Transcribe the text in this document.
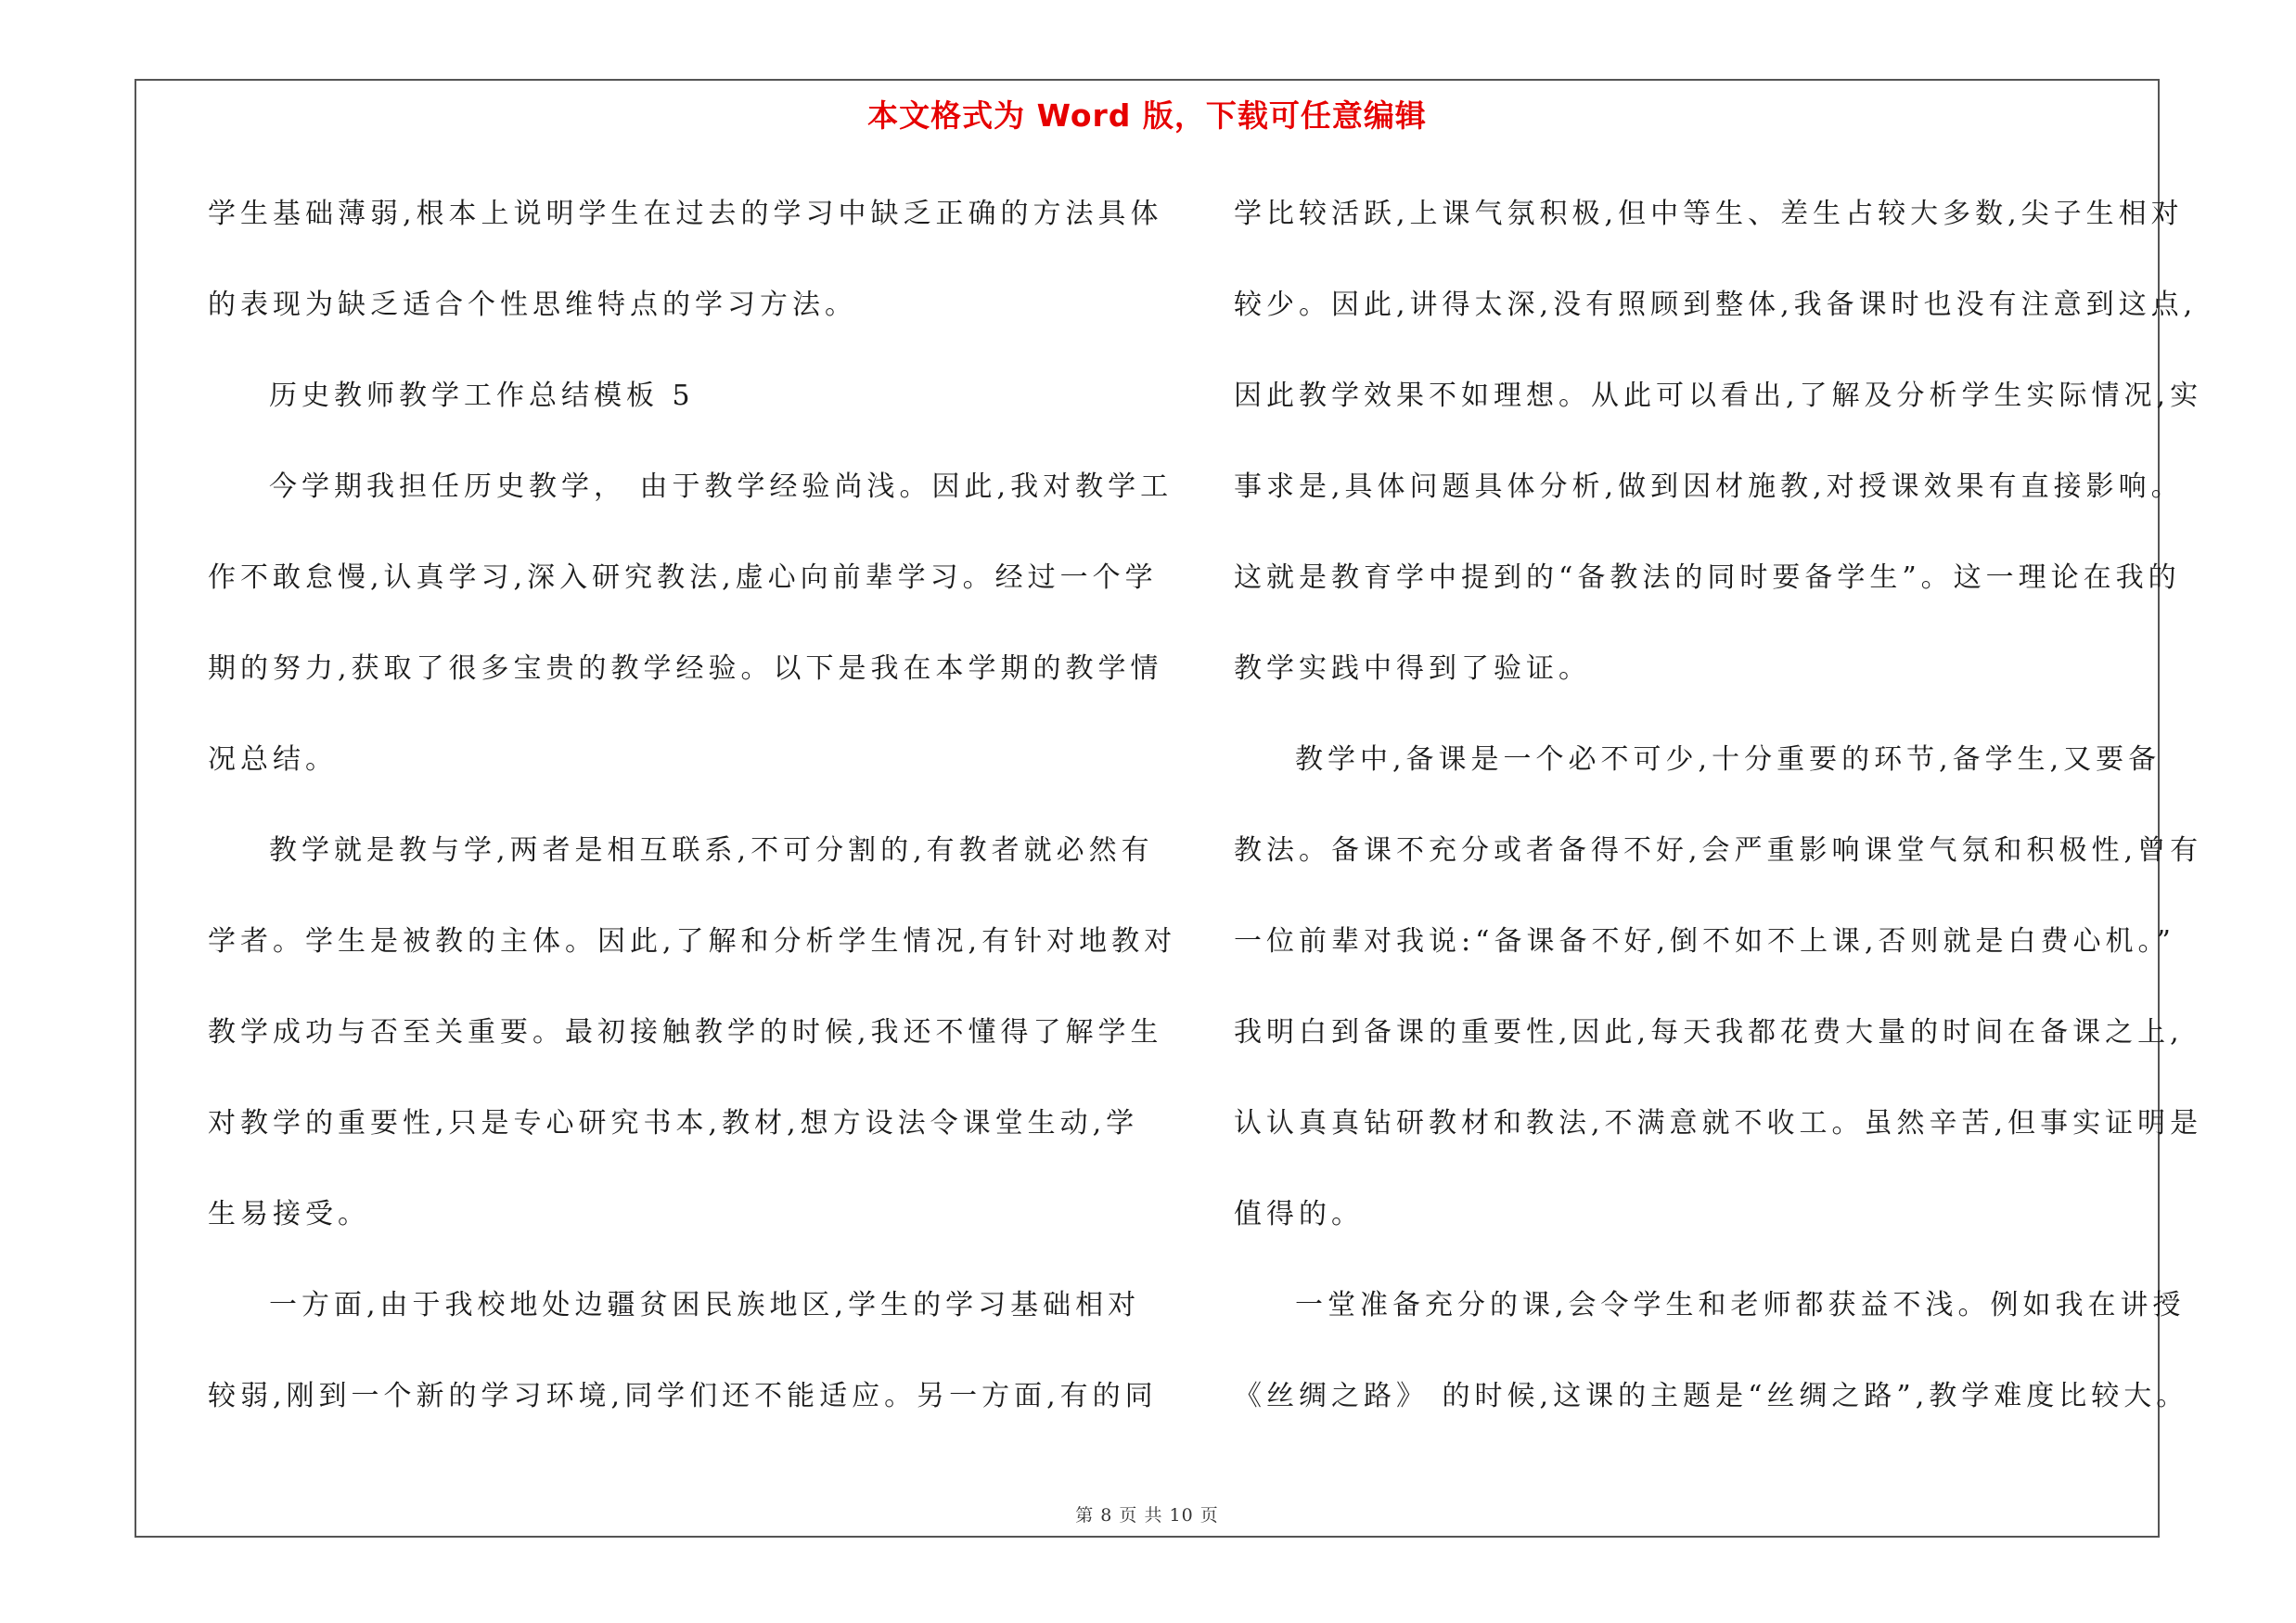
本文格式为 Word 版，下载可任意编辑
学生基础薄弱,根本上说明学生在过去的学习中缺乏正确的方法具体
的表现为缺乏适合个性思维特点的学习方法。
历史教师教学工作总结模板 5
今学期我担任历史教学， 由于教学经验尚浅。因此,我对教学工
作不敢怠慢,认真学习,深入研究教法,虚心向前辈学习。经过一个学
期的努力,获取了很多宝贵的教学经验。以下是我在本学期的教学情
况总结。
教学就是教与学,两者是相互联系,不可分割的,有教者就必然有
学者。学生是被教的主体。因此,了解和分析学生情况,有针对地教对
教学成功与否至关重要。最初接触教学的时候,我还不懂得了解学生
对教学的重要性,只是专心研究书本,教材,想方设法令课堂生动,学
生易接受。
一方面,由于我校地处边疆贫困民族地区,学生的学习基础相对
较弱,刚到一个新的学习环境,同学们还不能适应。另一方面,有的同
学比较活跃,上课气氛积极,但中等生、差生占较大多数,尖子生相对
较少。因此,讲得太深,没有照顾到整体,我备课时也没有注意到这点,
因此教学效果不如理想。从此可以看出,了解及分析学生实际情况,实
事求是,具体问题具体分析,做到因材施教,对授课效果有直接影响。
这就是教育学中提到的“备教法的同时要备学生”。这一理论在我的
教学实践中得到了验证。
教学中,备课是一个必不可少,十分重要的环节,备学生,又要备
教法。备课不充分或者备得不好,会严重影响课堂气氛和积极性,曾有
一位前辈对我说:“备课备不好,倒不如不上课,否则就是白费心机。”
我明白到备课的重要性,因此,每天我都花费大量的时间在备课之上,
认认真真钻研教材和教法,不满意就不收工。虽然辛苦,但事实证明是
值得的。
一堂准备充分的课,会令学生和老师都获益不浅。例如我在讲授
《丝绸之路》 的时候,这课的主题是“丝绸之路”,教学难度比较大。
第 8 页 共 10 页
